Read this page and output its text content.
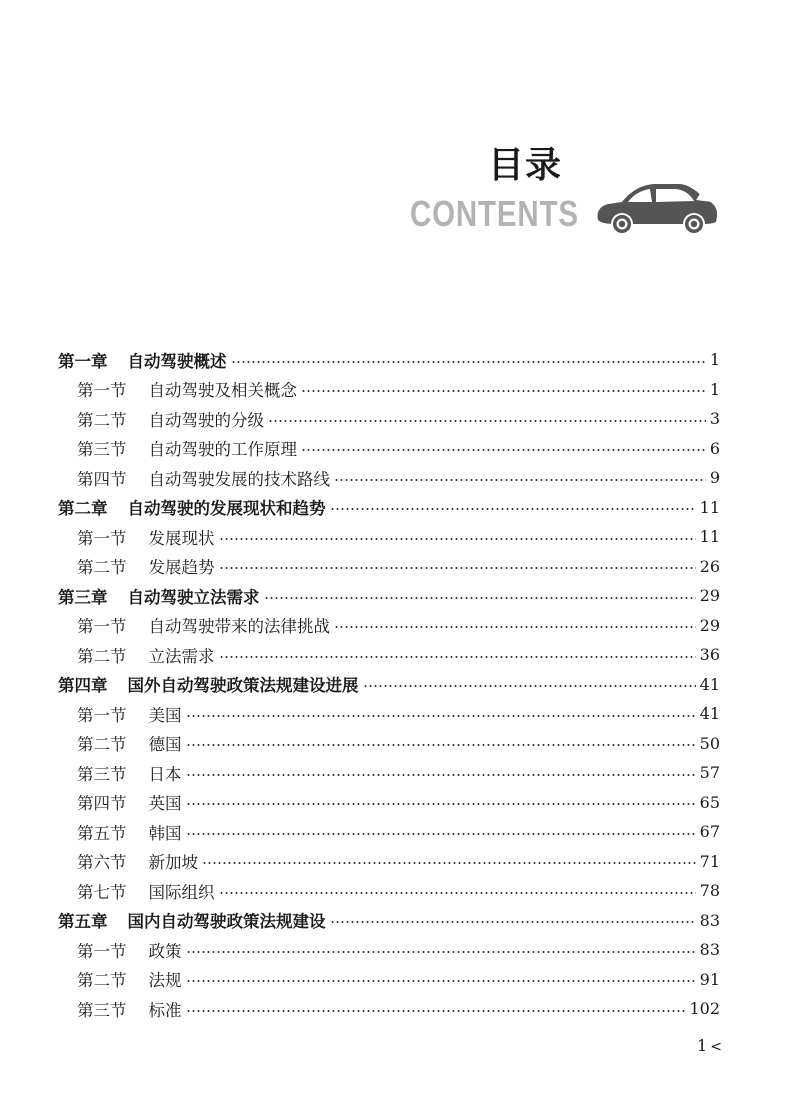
目录
CONTENTS
第一章 自动驾驶概述	1
第一节 自动驾驶及相关概念	1
第二节 自动驾驶的分级	3
第三节 自动驾驶的工作原理	6
第四节 自动驾驶发展的技术路线	9
第二章 自动驾驶的发展现状和趋势	11
第一节 发展现状	11
第二节 发展趋势	26
第三章 自动驾驶立法需求	29
第一节 自动驾驶带来的法律挑战	29
第二节 立法需求	36
第四章 国外自动驾驶政策法规建设进展	41
第一节 美国	41
第二节 德国	50
第三节 日本	57
第四节 英国	65
第五节 韩国	67
第六节 新加坡	71
第七节 国际组织	78
第五章 国内自动驾驶政策法规建设	83
第一节 政策	83
第二节 法规	91
第三节 标准	102
1 <
